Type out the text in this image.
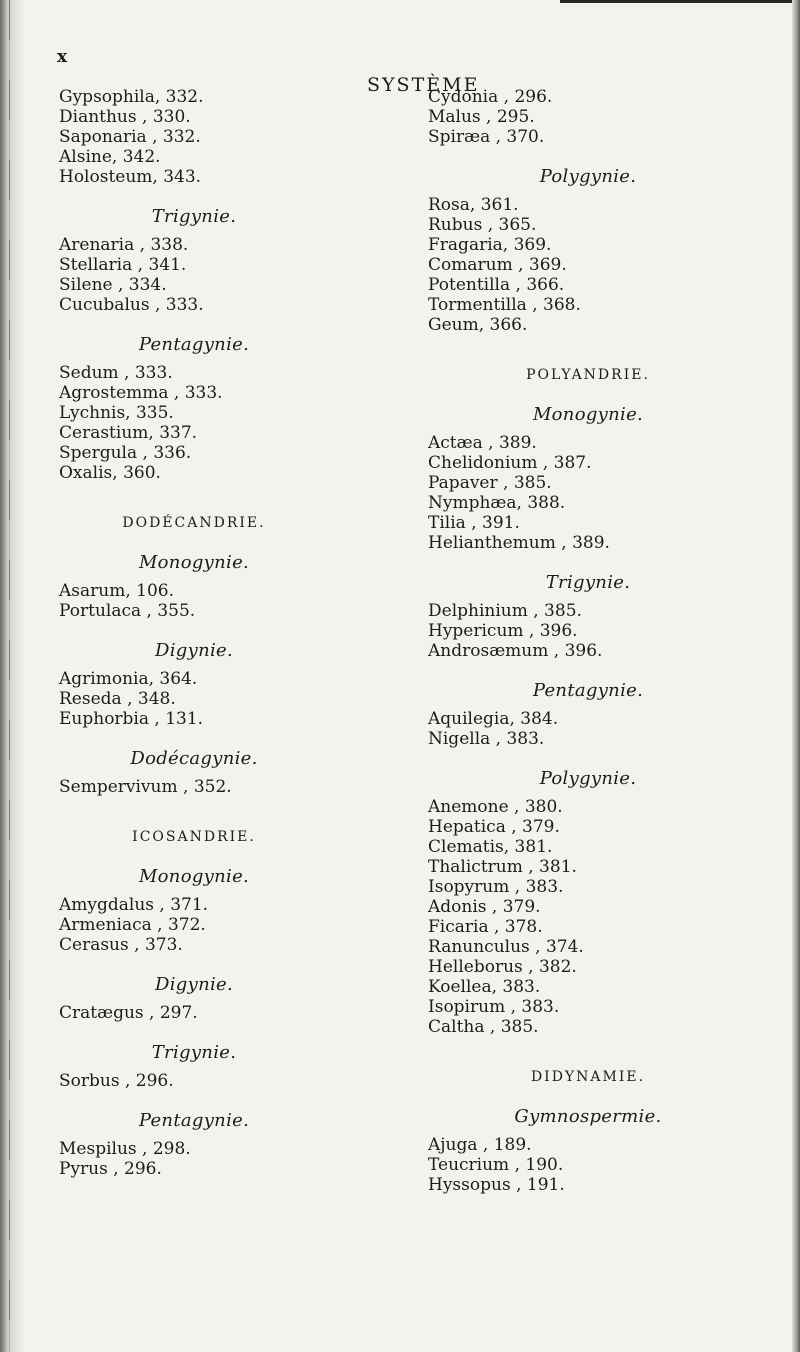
x
SYSTÈME
Gypsophila, 332.
Dianthus , 330.
Saponaria , 332.
Alsine, 342.
Holosteum, 343.
Trigynie.
Arenaria , 338.
Stellaria , 341.
Silene , 334.
Cucubalus , 333.
Pentagynie.
Sedum , 333.
Agrostemma , 333.
Lychnis, 335.
Cerastium, 337.
Spergula , 336.
Oxalis, 360.
DODÉCANDRIE.
Monogynie.
Asarum, 106.
Portulaca , 355.
Digynie.
Agrimonia, 364.
Reseda , 348.
Euphorbia , 131.
Dodécagynie.
Sempervivum , 352.
ICOSANDRIE.
Monogynie.
Amygdalus , 371.
Armeniaca , 372.
Cerasus , 373.
Digynie.
Cratægus , 297.
Trigynie.
Sorbus , 296.
Pentagynie.
Mespilus , 298.
Pyrus , 296.
Cydonia , 296.
Malus , 295.
Spiræa , 370.
Polygynie.
Rosa, 361.
Rubus , 365.
Fragaria, 369.
Comarum , 369.
Potentilla , 366.
Tormentilla , 368.
Geum, 366.
POLYANDRIE.
Monogynie.
Actæa , 389.
Chelidonium , 387.
Papaver , 385.
Nymphæa, 388.
Tilia , 391.
Helianthemum , 389.
Trigynie.
Delphinium , 385.
Hypericum , 396.
Androsæmum , 396.
Pentagynie.
Aquilegia, 384.
Nigella , 383.
Polygynie.
Anemone , 380.
Hepatica , 379.
Clematis, 381.
Thalictrum , 381.
Isopyrum , 383.
Adonis , 379.
Ficaria , 378.
Ranunculus , 374.
Helleborus , 382.
Koellea, 383.
Isopirum , 383.
Caltha , 385.
DIDYNAMIE.
Gymnospermie.
Ajuga , 189.
Teucrium , 190.
Hyssopus , 191.
